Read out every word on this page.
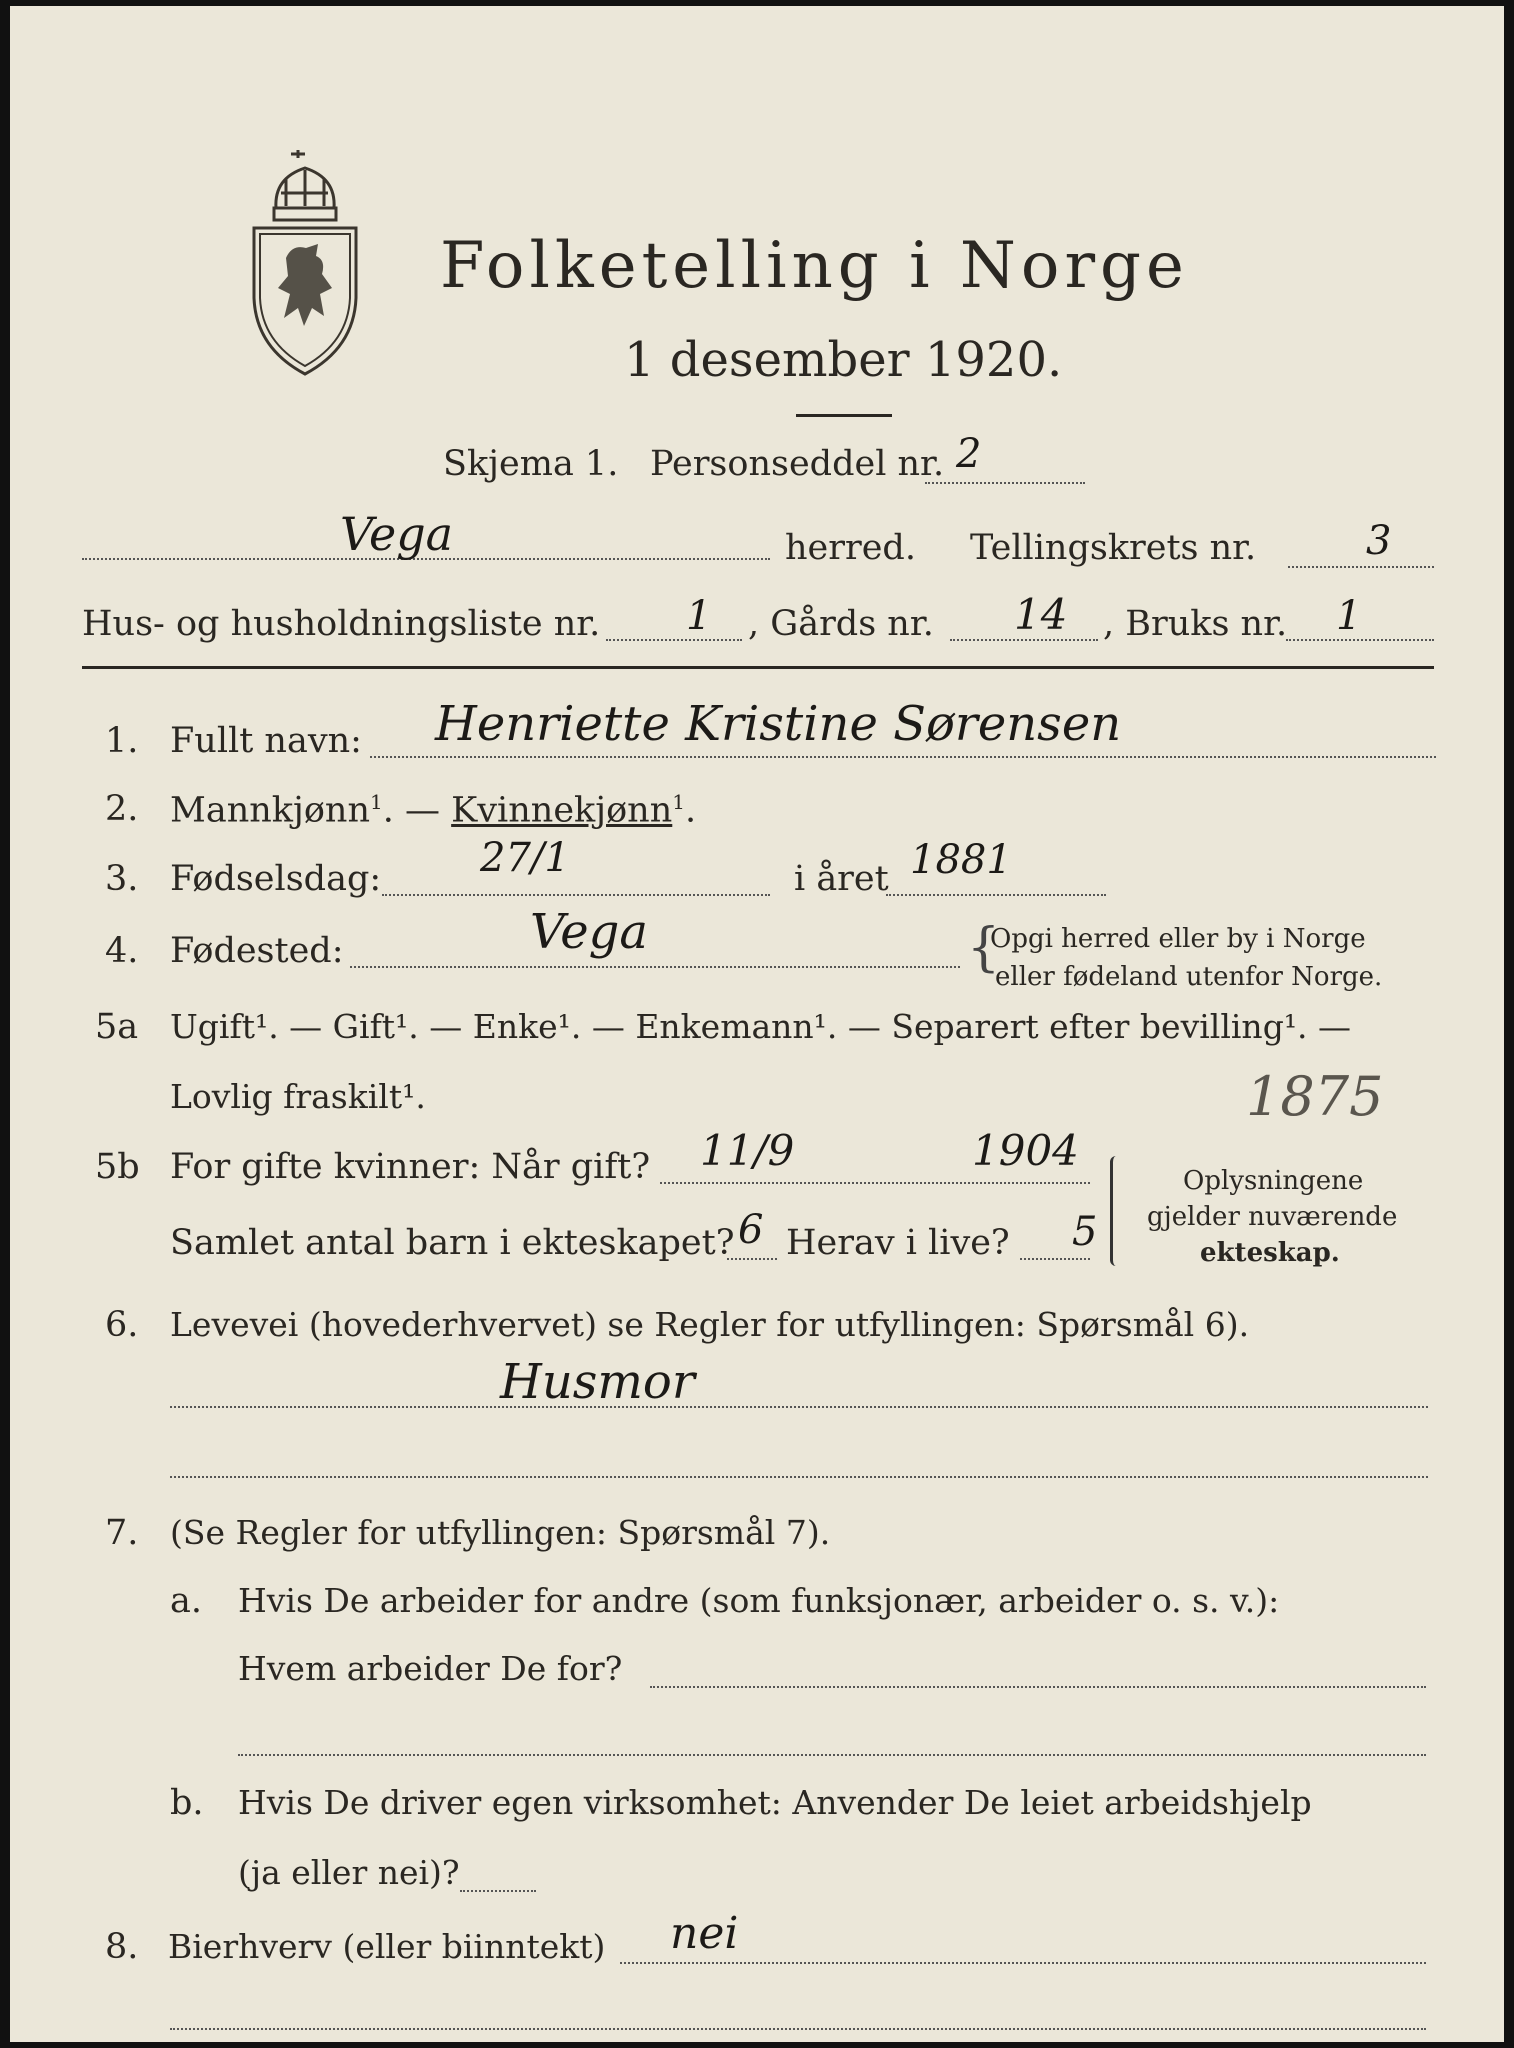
Folketelling i Norge
1 desember 1920.
Skjema 1. Personseddel nr. 2
Vega	herred. Tellingskrets nr.	3
Hus- og husholdningsliste nr. 1 , Gårds nr. 14 , Bruks nr. 1
1. Fullt navn: Henriette Kristine Sørensen
2. Mannkjønn$^1$. — Kvinnekjønn$^1$.
3. Fødselsdag: 27/1	i året 1881
4. Fødested:	Vega	{
Opgi herred eller by i Norge
eller fødeland utenfor Norge.
5a Ugift¹. — Gift¹. — Enke¹. — Enkemann¹. — Separert efter bevilling¹. —
Lovlig fraskilt¹.	1875
5b For gifte kvinner: Når gift? 11/9	1904
Samlet antal barn i ekteskapet? 6 Herav i live? 5
Oplysningene
gjelder nuværende
ekteskap.
6. Levevei (hovederhvervet) se Regler for utfyllingen: Spørsmål 6).
Husmor
7. (Se Regler for utfyllingen: Spørsmål 7).
a. Hvis De arbeider for andre (som funksjonær, arbeider o. s. v.):
Hvem arbeider De for?
b. Hvis De driver egen virksomhet: Anvender De leiet arbeidshjelp
(ja eller nei)?
8. Bierhverv (eller biinntekt) nei
